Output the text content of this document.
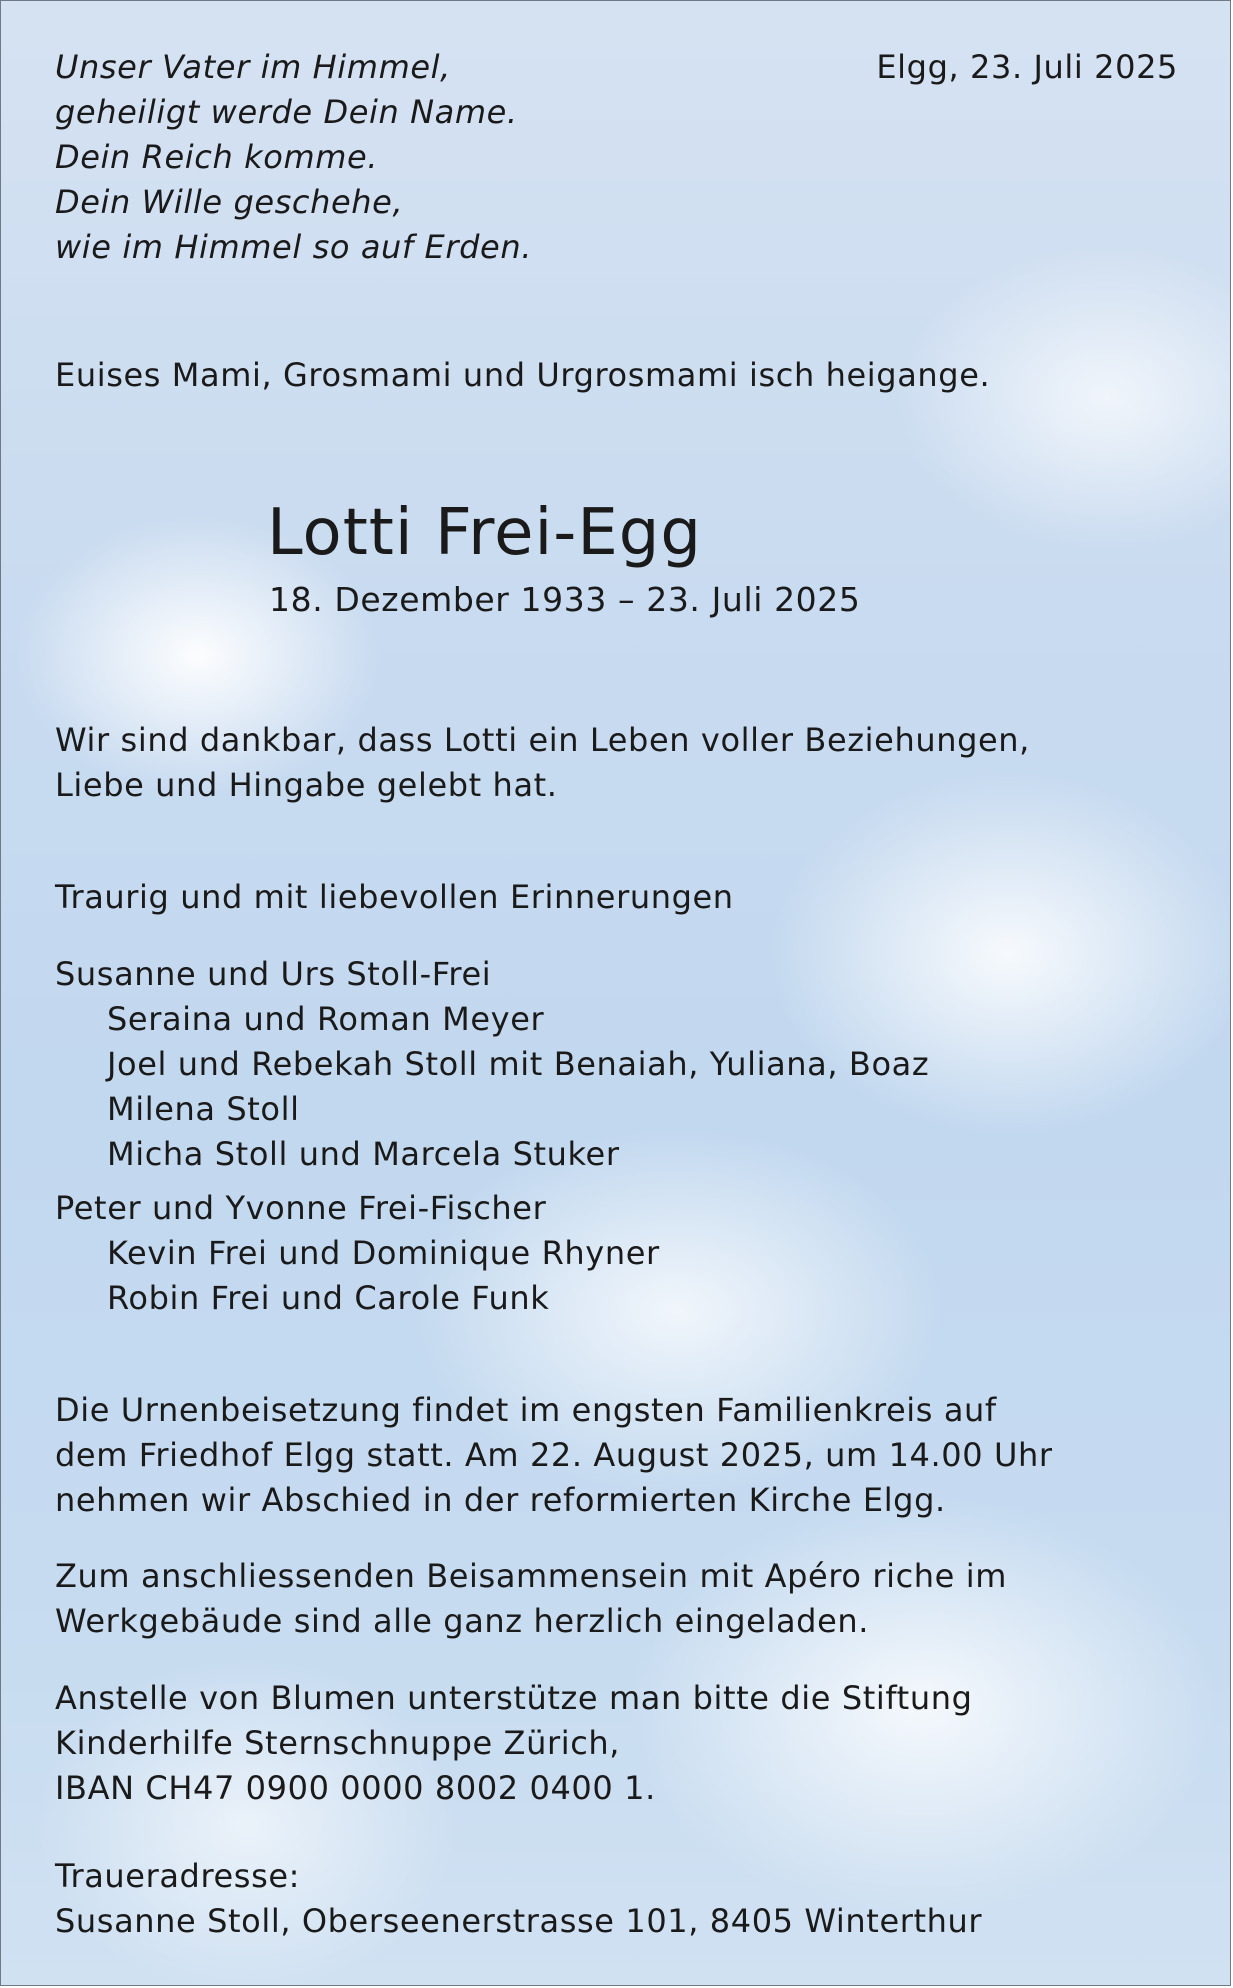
Unser Vater im Himmel,
geheiligt werde Dein Name.
Dein Reich komme.
Dein Wille geschehe,
wie im Himmel so auf Erden.
Elgg, 23. Juli 2025
Euises Mami, Grosmami und Urgrosmami isch heigange.
Lotti Frei-Egg
18. Dezember 1933 – 23. Juli 2025
Wir sind dankbar, dass Lotti ein Leben voller Beziehungen,
Liebe und Hingabe gelebt hat.
Traurig und mit liebevollen Erinnerungen
Susanne und Urs Stoll-Frei
Seraina und Roman Meyer
Joel und Rebekah Stoll mit Benaiah, Yuliana, Boaz
Milena Stoll
Micha Stoll und Marcela Stuker
Peter und Yvonne Frei-Fischer
Kevin Frei und Dominique Rhyner
Robin Frei und Carole Funk
Die Urnenbeisetzung findet im engsten Familienkreis auf
dem Friedhof Elgg statt. Am 22. August 2025, um 14.00 Uhr
nehmen wir Abschied in der reformierten Kirche Elgg.
Zum anschliessenden Beisammensein mit Apéro riche im
Werkgebäude sind alle ganz herzlich eingeladen.
Anstelle von Blumen unterstütze man bitte die Stiftung
Kinderhilfe Sternschnuppe Zürich,
IBAN CH47 0900 0000 8002 0400 1.
Traueradresse:
Susanne Stoll, Oberseenerstrasse 101, 8405 Winterthur
